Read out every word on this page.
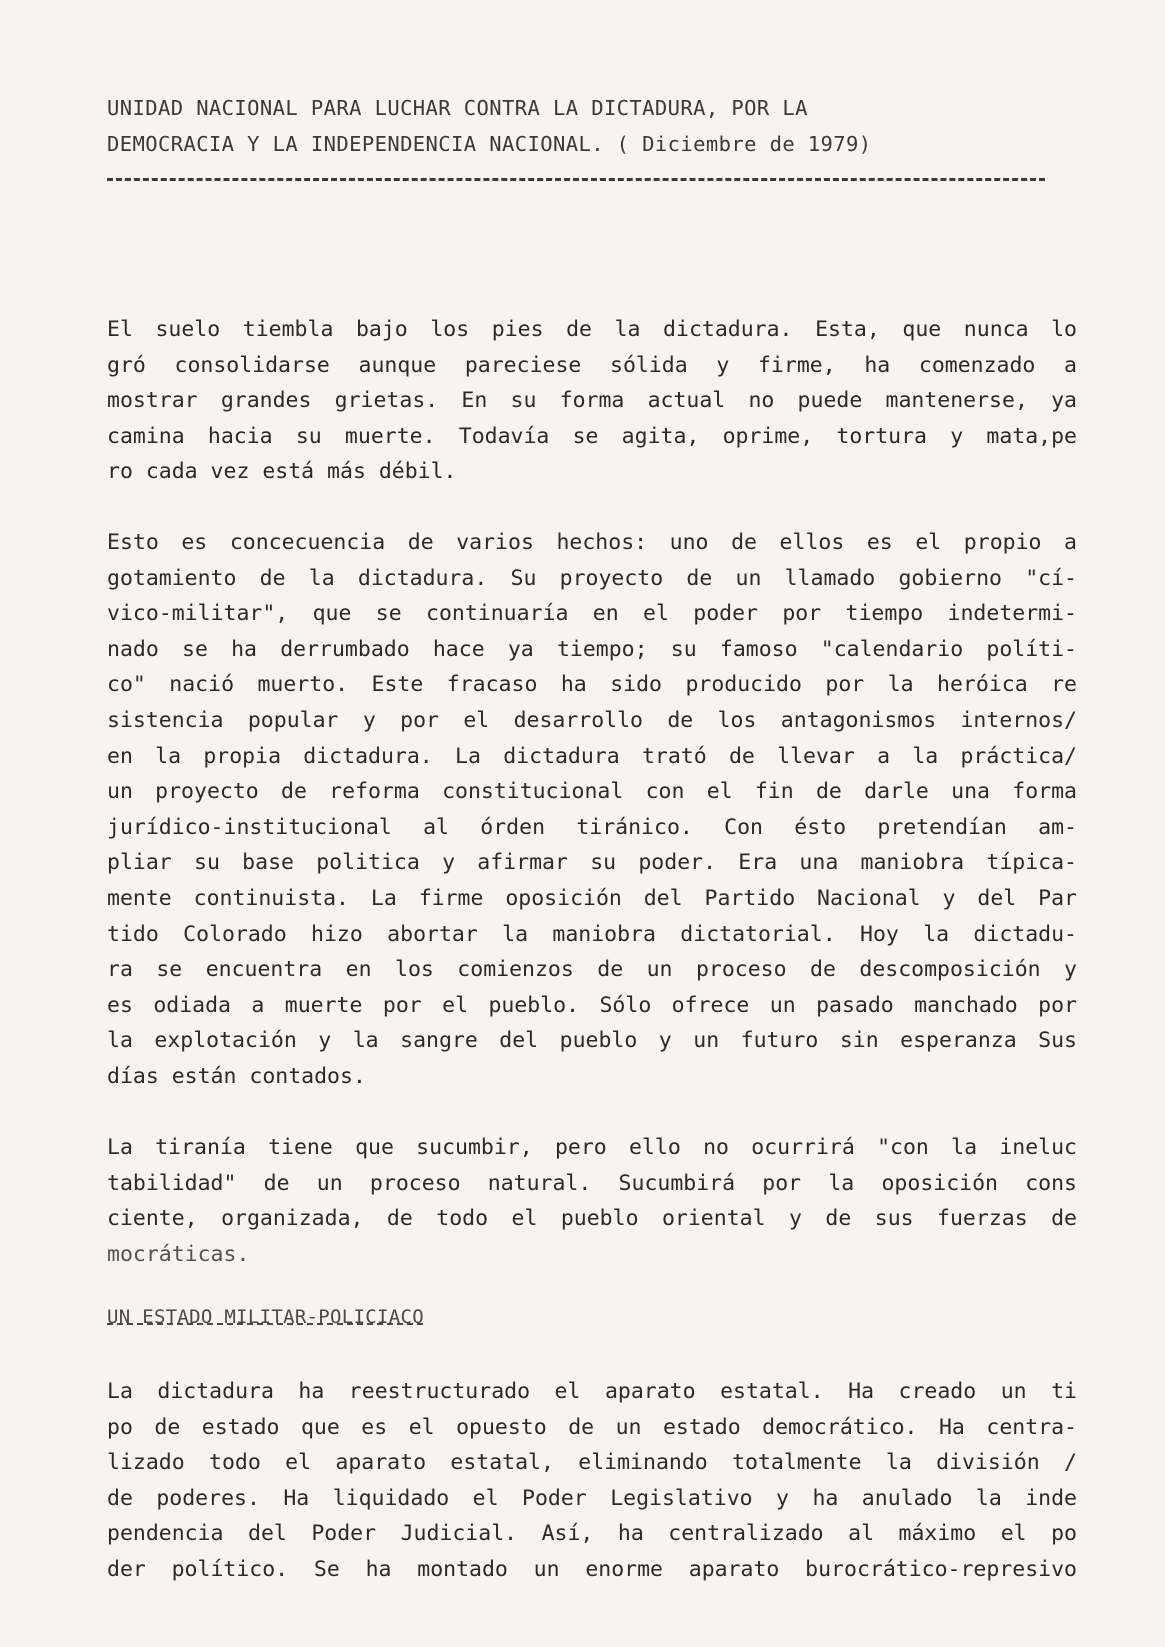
UNIDAD NACIONAL PARA LUCHAR CONTRA LA DICTADURA, POR LA
DEMOCRACIA Y LA INDEPENDENCIA NACIONAL. ( Diciembre de 1979)
El suelo tiembla bajo los pies de la dictadura. Esta, que nunca lo
gró consolidarse aunque pareciese sólida y firme, ha comenzado a
mostrar grandes grietas. En su forma actual no puede mantenerse, ya
camina hacia su muerte. Todavía se agita, oprime, tortura y mata,pe
ro cada vez está más débil.
Esto es concecuencia de varios hechos: uno de ellos es el propio a
gotamiento de la dictadura. Su proyecto de un llamado gobierno "cí-
vico-militar", que se continuaría en el poder por tiempo indetermi-
nado se ha derrumbado hace ya tiempo; su famoso "calendario políti-
co" nació muerto. Este fracaso ha sido producido por la heróica re
sistencia popular y por el desarrollo de los antagonismos internos/
en la propia dictadura. La dictadura trató de llevar a la práctica/
un proyecto de reforma constitucional con el fin de darle una forma
jurídico-institucional al órden tiránico. Con ésto pretendían am-
pliar su base politica y afirmar su poder. Era una maniobra típica-
mente continuista. La firme oposición del Partido Nacional y del Par
tido Colorado hizo abortar la maniobra dictatorial. Hoy la dictadu-
ra se encuentra en los comienzos de un proceso de descomposición y
es odiada a muerte por el pueblo. Sólo ofrece un pasado manchado por
la explotación y la sangre del pueblo y un futuro sin esperanza Sus
días están contados.
La tiranía tiene que sucumbir, pero ello no ocurrirá "con la ineluc
tabilidad" de un proceso natural. Sucumbirá por la oposición cons
ciente, organizada, de todo el pueblo oriental y de sus fuerzas de
mocráticas.
UN ESTADO MILITAR-POLICIACO
La dictadura ha reestructurado el aparato estatal. Ha creado un ti
po de estado que es el opuesto de un estado democrático. Ha centra-
lizado todo el aparato estatal, eliminando totalmente la división /
de poderes. Ha liquidado el Poder Legislativo y ha anulado la inde
pendencia del Poder Judicial. Así, ha centralizado al máximo el po
der político. Se ha montado un enorme aparato burocrático-represivo
